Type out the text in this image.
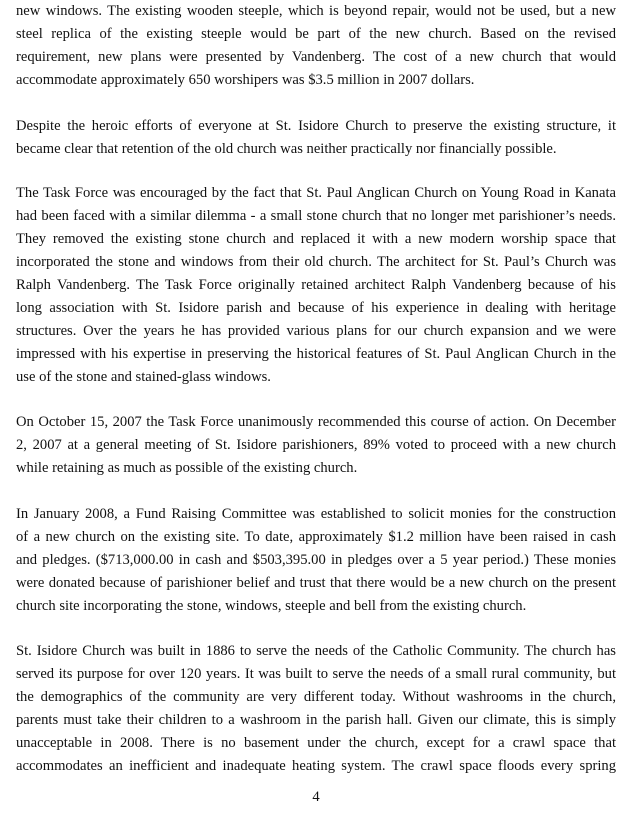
new windows. The existing wooden steeple, which is beyond repair, would not be used, but a new
steel replica of the existing steeple would be part of the new church. Based on the revised
requirement, new plans were presented by Vandenberg. The cost of a new church that would
accommodate approximately 650 worshipers was $3.5 million in 2007 dollars.

Despite the heroic efforts of everyone at St. Isidore Church to preserve the existing structure, it
became clear that retention of the old church was neither practically nor financially possible.

The Task Force was encouraged by the fact that St. Paul Anglican Church on Young Road in Kanata
had been faced with a similar dilemma - a small stone church that no longer met parishioner’s needs.
They removed the existing stone church and replaced it with a new modern worship space that
incorporated the stone and windows from their old church. The architect for St. Paul’s Church was
Ralph Vandenberg. The Task Force originally retained architect Ralph Vandenberg because of his
long association with St. Isidore parish and because of his experience in dealing with heritage
structures. Over the years he has provided various plans for our church expansion and we were
impressed with his expertise in preserving the historical features of St. Paul Anglican Church in the
use of the stone and stained-glass windows.

On October 15, 2007 the Task Force unanimously recommended this course of action. On December
2, 2007 at a general meeting of St. Isidore parishioners, 89% voted to proceed with a new church
while retaining as much as possible of the existing church.

In January 2008, a Fund Raising Committee was established to solicit monies for the construction
of a new church on the existing site. To date, approximately $1.2 million have been raised in cash
and pledges. ($713,000.00 in cash and $503,395.00 in pledges over a 5 year period.) These monies
were donated because of parishioner belief and trust that there would be a new church on the present
church site incorporating the stone, windows, steeple and bell from the existing church.

St. Isidore Church was built in 1886 to serve the needs of the Catholic Community. The church has
served its purpose for over 120 years. It was built to serve the needs of a small rural community, but
the demographics of the community are very different today. Without washrooms in the church,
parents must take their children to a washroom in the parish hall. Given our climate, this is simply
unacceptable in 2008. There is no basement under the church, except for a crawl space that
accommodates an inefficient and inadequate heating system. The crawl space floods every spring

4
